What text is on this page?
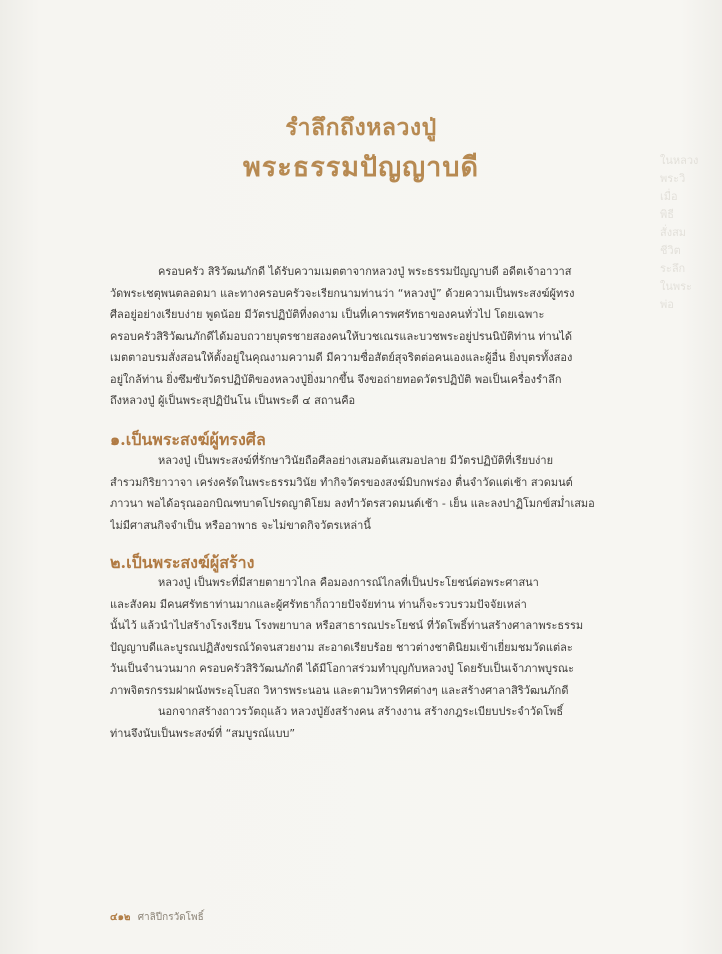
รำลึกถึงหลวงปู่
พระธรรมปัญญาบดี	ในหลวง
พระวิ
เมื่อ
พิธี
สั่งสม
ชีวิต
ระลึก
ในพระ
พ่อ
ครอบครัว สิริวัฒนภักดี ได้รับความเมตตาจากหลวงปู่ พระธรรมปัญญาบดี อดีตเจ้าอาวาส
วัดพระเชตุพนตลอดมา และทางครอบครัวจะเรียกนามท่านว่า “หลวงปู่” ด้วยความเป็นพระสงฆ์ผู้ทรง
ศีลอยู่อย่างเรียบง่าย พูดน้อย มีวัตรปฏิบัติที่งดงาม เป็นที่เคารพศรัทธาของคนทั่วไป โดยเฉพาะ
ครอบครัวสิริวัฒนภักดีได้มอบถวายบุตรชายสองคนให้บวชเณรและบวชพระอยู่ปรนนิบัติท่าน ท่านได้
เมตตาอบรมสั่งสอนให้ตั้งอยู่ในคุณงามความดี มีความซื่อสัตย์สุจริตต่อคนเองและผู้อื่น ยิ่งบุตรทั้งสอง
อยู่ใกล้ท่าน ยิ่งซึมซับวัตรปฏิบัติของหลวงปู่ยิ่งมากขึ้น จึงขอถ่ายทอดวัตรปฏิบัติ พอเป็นเครื่องรำลึก
ถึงหลวงปู่ ผู้เป็นพระสุปฏิปันโน เป็นพระดี ๔ สถานคือ
๑.เป็นพระสงฆ์ผู้ทรงศีล
หลวงปู่ เป็นพระสงฆ์ที่รักษาวินัยถือศีลอย่างเสมอต้นเสมอปลาย มีวัตรปฏิบัติที่เรียบง่าย
สำรวมกิริยาวาจา เคร่งครัดในพระธรรมวินัย ทำกิจวัตรของสงฆ์มิบกพร่อง ตื่นจำวัดแต่เช้า สวดมนต์
ภาวนา พอได้อรุณออกบิณฑบาตโปรดญาติโยม ลงทำวัตรสวดมนต์เช้า - เย็น และลงปาฏิโมกข์สม่ำเสมอ
ไม่มีศาสนกิจจำเป็น หรืออาพาธ จะไม่ขาดกิจวัตรเหล่านี้
๒.เป็นพระสงฆ์ผู้สร้าง
หลวงปู่ เป็นพระที่มีสายตายาวไกล คือมองการณ์ไกลที่เป็นประโยชน์ต่อพระศาสนา
และสังคม มีคนศรัทธาท่านมากและผู้ศรัทธาก็ถวายปัจจัยท่าน ท่านก็จะรวบรวมปัจจัยเหล่า
นั้นไว้ แล้วนำไปสร้างโรงเรียน โรงพยาบาล หรือสาธารณประโยชน์ ที่วัดโพธิ์ท่านสร้างศาลาพระธรรม
ปัญญาบดีและบูรณปฏิสังขรณ์วัดจนสวยงาม สะอาดเรียบร้อย ชาวต่างชาตินิยมเข้าเยี่ยมชมวัดแต่ละ
วันเป็นจำนวนมาก ครอบครัวสิริวัฒนภักดี ได้มีโอกาสร่วมทำบุญกับหลวงปู่ โดยรับเป็นเจ้าภาพบูรณะ
ภาพจิตรกรรมฝาผนังพระอุโบสถ วิหารพระนอน และตามวิหารทิศต่างๆ และสร้างศาลาสิริวัฒนภักดี
นอกจากสร้างถาวรวัตถุแล้ว หลวงปู่ยังสร้างคน สร้างงาน สร้างกฎระเบียบประจำวัดโพธิ์
ท่านจึงนับเป็นพระสงฆ์ที่ “สมบูรณ์แบบ”
๔๑๒ ศาลิปีกรวัดโพธิ์
